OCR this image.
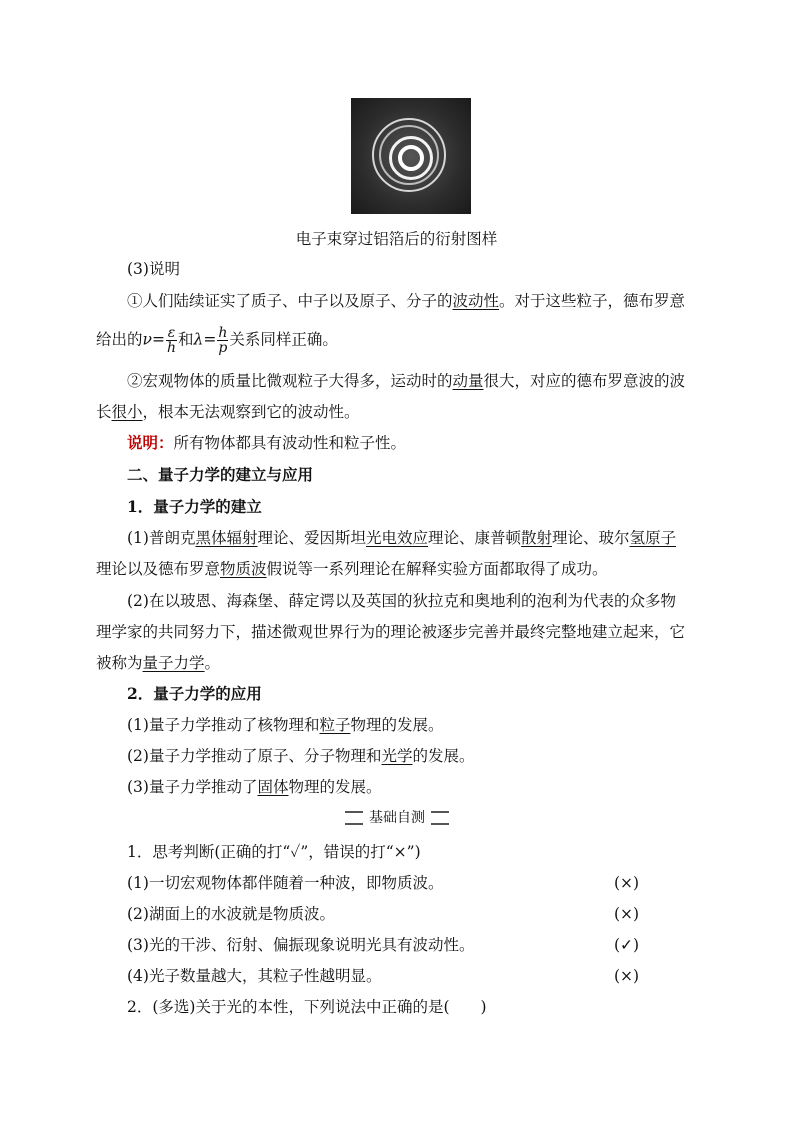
电子束穿过铝箔后的衍射图样
(3)说明
①人们陆续证实了质子、中子以及原子、分子的波动性。对于这些粒子，德布罗意
给出的$\nu= \frac{\varepsilon}{h}$ 和$\lambda= \frac{h}{p}$ 关系同样正确。
②宏观物体的质量比微观粒子大得多，运动时的动量很大，对应的德布罗意波的波
长很小，根本无法观察到它的波动性。
说明：所有物体都具有波动性和粒子性。
二、量子力学的建立与应用
1．量子力学的建立
(1)普朗克黑体辐射理论、爱因斯坦光电效应理论、康普顿散射理论、玻尔氢原子
理论以及德布罗意物质波假说等一系列理论在解释实验方面都取得了成功。
(2)在以玻恩、海森堡、薛定谔以及英国的狄拉克和奥地利的泡利为代表的众多物
理学家的共同努力下，描述微观世界行为的理论被逐步完善并最终完整地建立起来，它
被称为量子力学。
2．量子力学的应用
(1)量子力学推动了核物理和粒子物理的发展。
(2)量子力学推动了原子、分子物理和光学的发展。
(3)量子力学推动了固体物理的发展。
基础自测
1．思考判断(正确的打“✓”，错误的打“×”)
(1)一切宏观物体都伴随着一种波，即物质波。	(×)
(2)湖面上的水波就是物质波。	(×)
(3)光的干涉、衍射、偏振现象说明光具有波动性。	(✓)
(4)光子数量越大，其粒子性越明显。	(×)
2．(多选)关于光的本性，下列说法中正确的是(　　)
